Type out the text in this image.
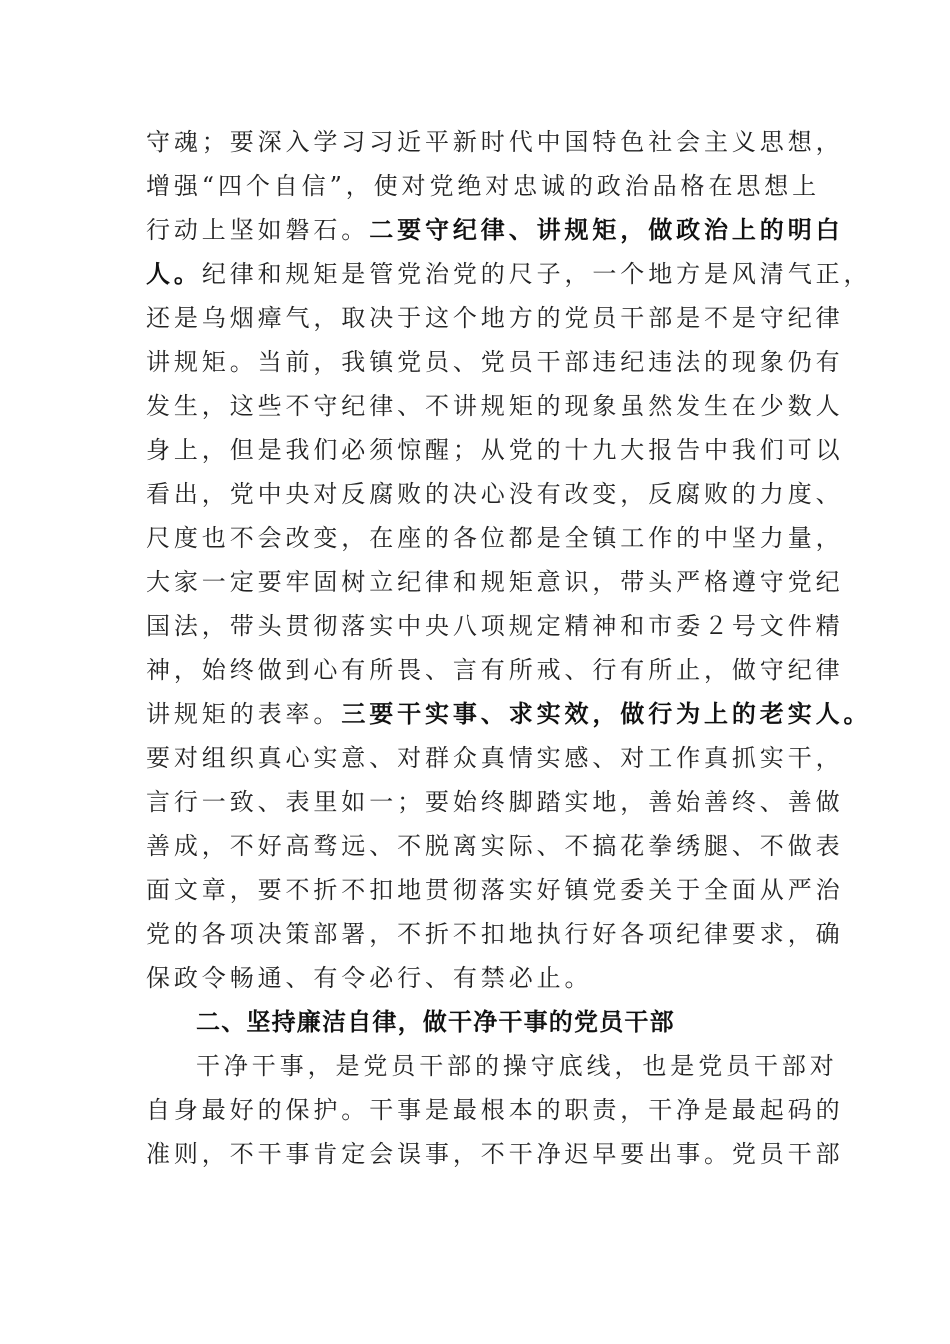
守魂；要深入学习习近平新时代中国特色社会主义思想，
增强“四个自信”，使对党绝对忠诚的政治品格在思想上
行动上坚如磐石。二要守纪律、讲规矩，做政治上的明白
人。纪律和规矩是管党治党的尺子，一个地方是风清气正，
还是乌烟瘴气，取决于这个地方的党员干部是不是守纪律
讲规矩。当前，我镇党员、党员干部违纪违法的现象仍有
发生，这些不守纪律、不讲规矩的现象虽然发生在少数人
身上，但是我们必须惊醒；从党的十九大报告中我们可以
看出，党中央对反腐败的决心没有改变，反腐败的力度、
尺度也不会改变，在座的各位都是全镇工作的中坚力量，
大家一定要牢固树立纪律和规矩意识，带头严格遵守党纪
国法，带头贯彻落实中央八项规定精神和市委２号文件精
神，始终做到心有所畏、言有所戒、行有所止，做守纪律
讲规矩的表率。三要干实事、求实效，做行为上的老实人。
要对组织真心实意、对群众真情实感、对工作真抓实干，
言行一致、表里如一；要始终脚踏实地，善始善终、善做
善成，不好高骛远、不脱离实际、不搞花拳绣腿、不做表
面文章，要不折不扣地贯彻落实好镇党委关于全面从严治
党的各项决策部署，不折不扣地执行好各项纪律要求，确
保政令畅通、有令必行、有禁必止。
二、坚持廉洁自律，做干净干事的党员干部
干净干事，是党员干部的操守底线，也是党员干部对
自身最好的保护。干事是最根本的职责，干净是最起码的
准则，不干事肯定会误事，不干净迟早要出事。党员干部
